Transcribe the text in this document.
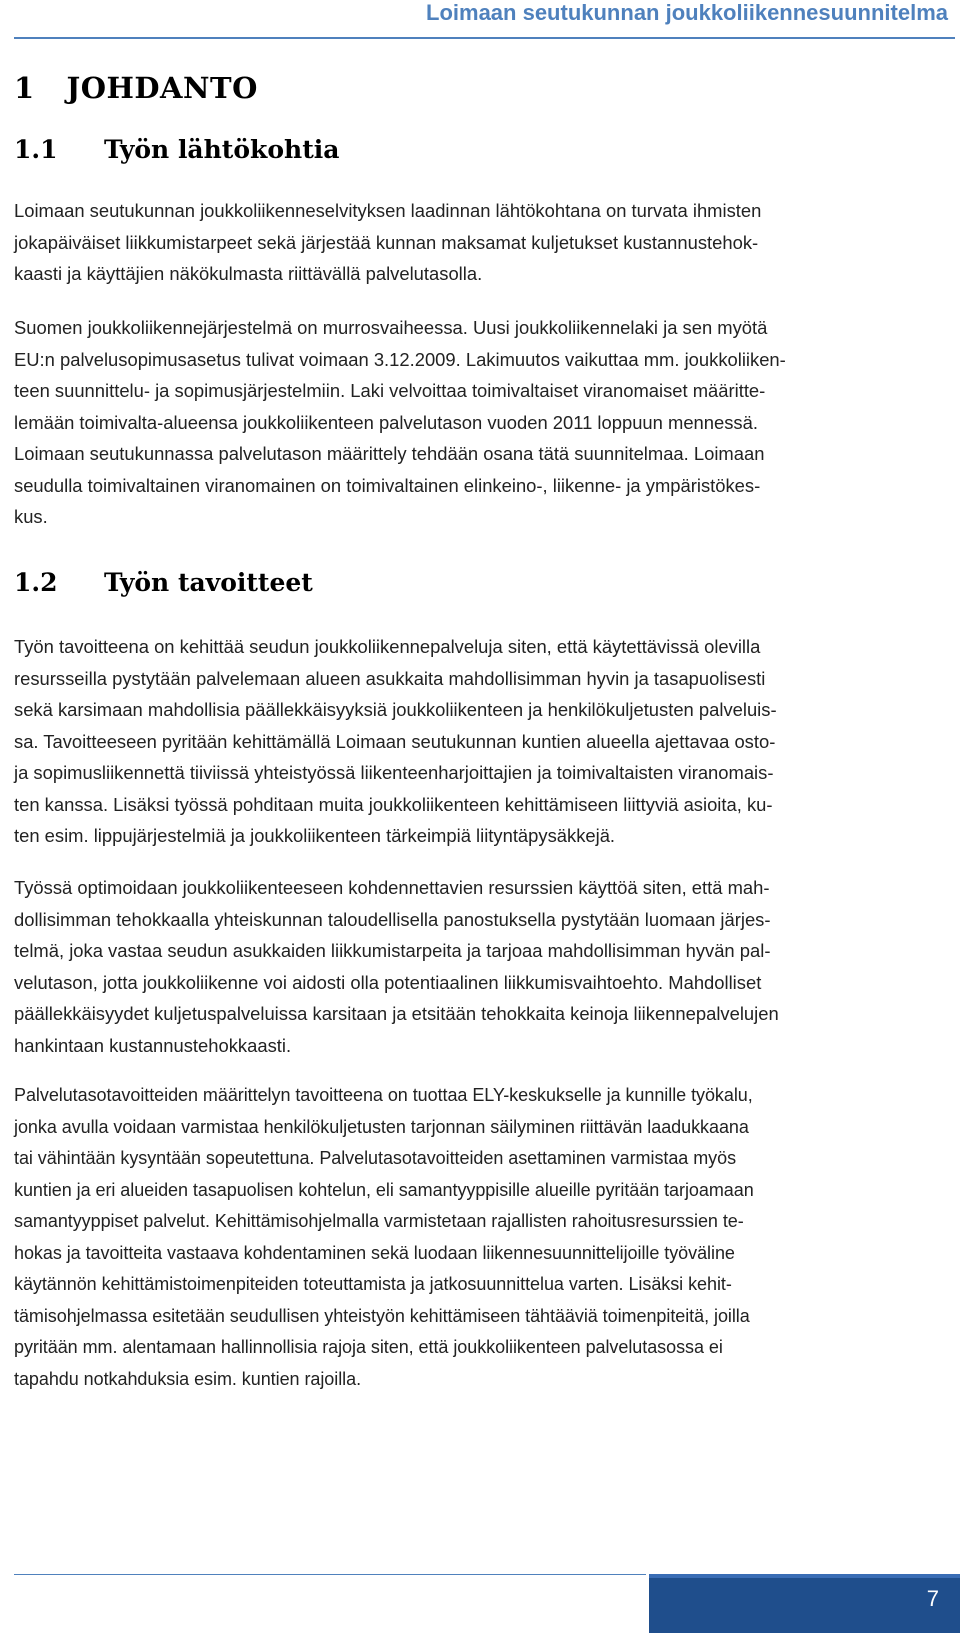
Loimaan seutukunnan joukkoliikennesuunnitelma
1 JOHDANTO
1.1 Työn lähtökohtia
Loimaan seutukunnan joukkoliikenneselvityksen laadinnan lähtökohtana on turvata ihmisten
jokapäiväiset liikkumistarpeet sekä järjestää kunnan maksamat kuljetukset kustannustehok-
kaasti ja käyttäjien näkökulmasta riittävällä palvelutasolla.
Suomen joukkoliikennejärjestelmä on murrosvaiheessa. Uusi joukkoliikennelaki ja sen myötä
EU:n palvelusopimusasetus tulivat voimaan 3.12.2009. Lakimuutos vaikuttaa mm. joukkoliiken-
teen suunnittelu- ja sopimusjärjestelmiin. Laki velvoittaa toimivaltaiset viranomaiset määritte-
lemään toimivalta-alueensa joukkoliikenteen palvelutason vuoden 2011 loppuun mennessä.
Loimaan seutukunnassa palvelutason määrittely tehdään osana tätä suunnitelmaa. Loimaan
seudulla toimivaltainen viranomainen on toimivaltainen elinkeino-, liikenne- ja ympäristökes-
kus.
1.2 Työn tavoitteet
Työn tavoitteena on kehittää seudun joukkoliikennepalveluja siten, että käytettävissä olevilla
resursseilla pystytään palvelemaan alueen asukkaita mahdollisimman hyvin ja tasapuolisesti
sekä karsimaan mahdollisia päällekkäisyyksiä joukkoliikenteen ja henkilökuljetusten palveluis-
sa. Tavoitteeseen pyritään kehittämällä Loimaan seutukunnan kuntien alueella ajettavaa osto-
ja sopimusliikennettä tiiviissä yhteistyössä liikenteenharjoittajien ja toimivaltaisten viranomais-
ten kanssa. Lisäksi työssä pohditaan muita joukkoliikenteen kehittämiseen liittyviä asioita, ku-
ten esim. lippujärjestelmiä ja joukkoliikenteen tärkeimpiä liityntäpysäkkejä.
Työssä optimoidaan joukkoliikenteeseen kohdennettavien resurssien käyttöä siten, että mah-
dollisimman tehokkaalla yhteiskunnan taloudellisella panostuksella pystytään luomaan järjes-
telmä, joka vastaa seudun asukkaiden liikkumistarpeita ja tarjoaa mahdollisimman hyvän pal-
velutason, jotta joukkoliikenne voi aidosti olla potentiaalinen liikkumisvaihtoehto. Mahdolliset
päällekkäisyydet kuljetuspalveluissa karsitaan ja etsitään tehokkaita keinoja liikennepalvelujen
hankintaan kustannustehokkaasti.
Palvelutasotavoitteiden määrittelyn tavoitteena on tuottaa ELY-keskukselle ja kunnille työkalu,
jonka avulla voidaan varmistaa henkilökuljetusten tarjonnan säilyminen riittävän laadukkaana
tai vähintään kysyntään sopeutettuna. Palvelutasotavoitteiden asettaminen varmistaa myös
kuntien ja eri alueiden tasapuolisen kohtelun, eli samantyyppisille alueille pyritään tarjoamaan
samantyyppiset palvelut. Kehittämisohjelmalla varmistetaan rajallisten rahoitusresurssien te-
hokas ja tavoitteita vastaava kohdentaminen sekä luodaan liikennesuunnittelijoille työväline
käytännön kehittämistoimenpiteiden toteuttamista ja jatkosuunnittelua varten. Lisäksi kehit-
tämisohjelmassa esitetään seudullisen yhteistyön kehittämiseen tähtääviä toimenpiteitä, joilla
pyritään mm. alentamaan hallinnollisia rajoja siten, että joukkoliikenteen palvelutasossa ei
tapahdu notkahduksia esim. kuntien rajoilla.
7
